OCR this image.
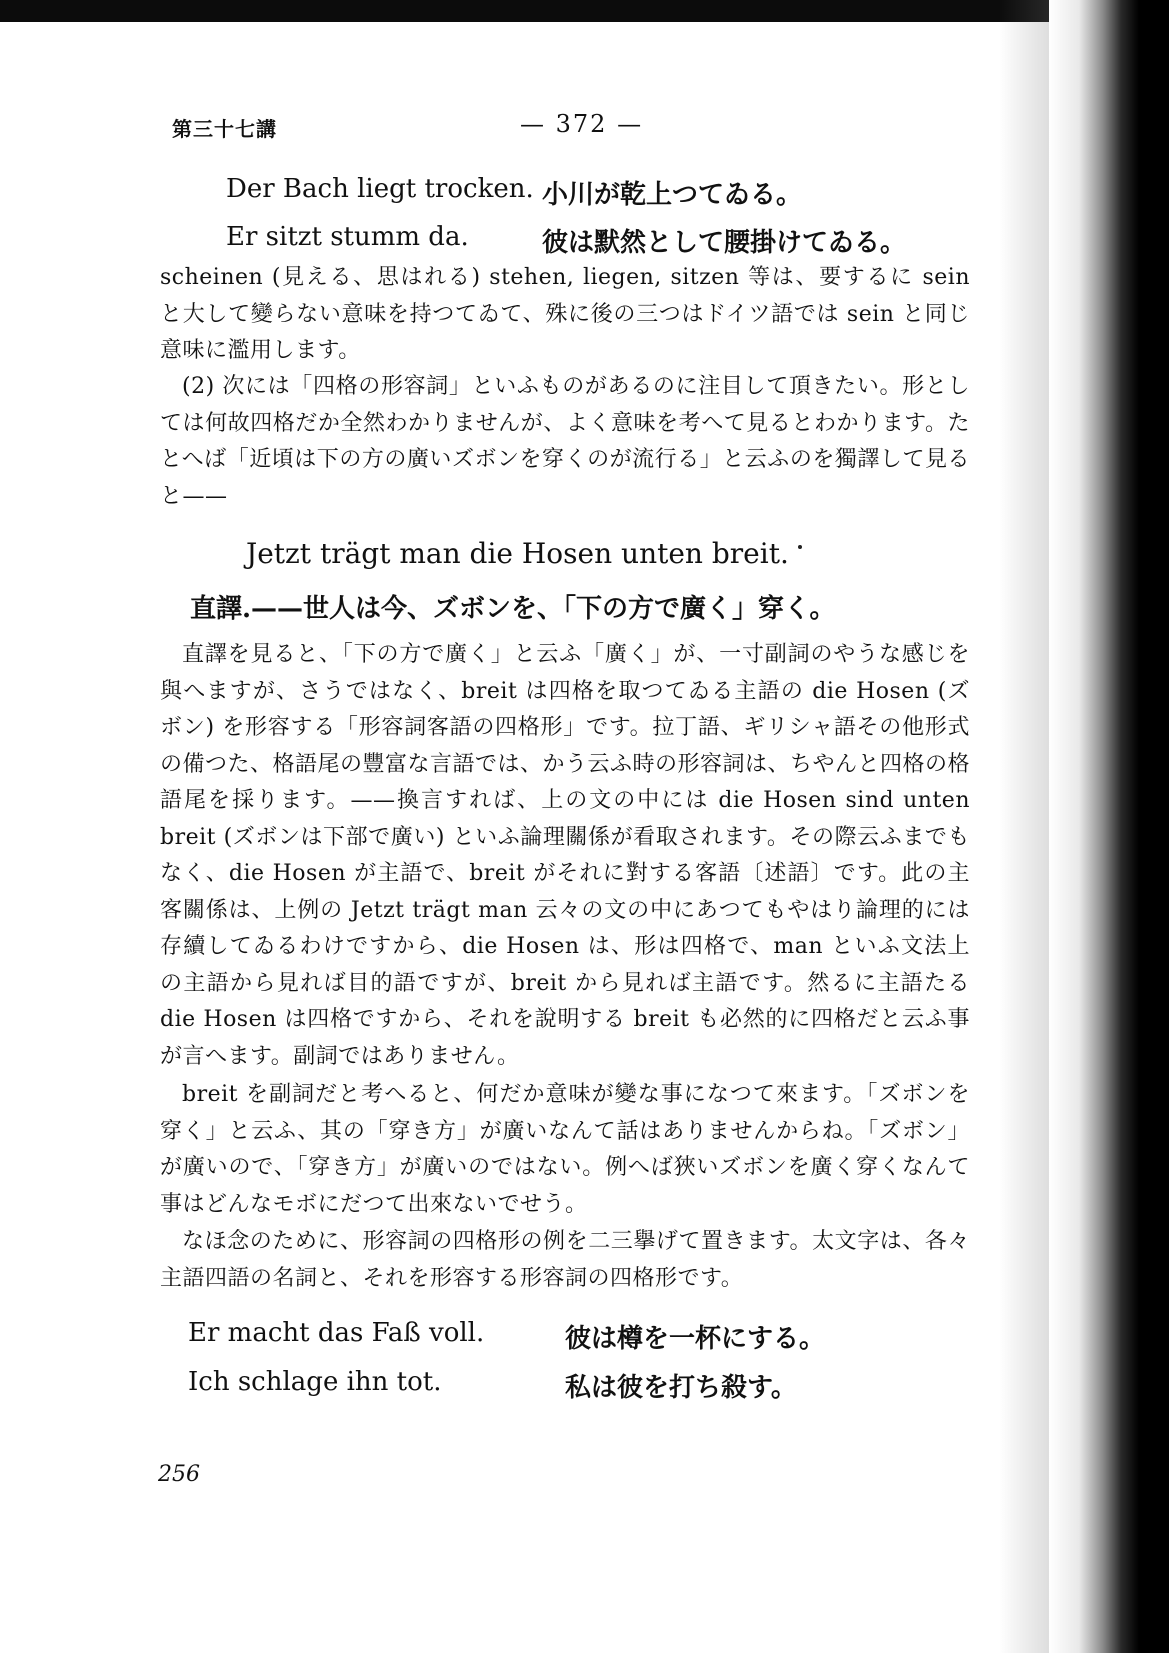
第三十七講	— 372 —
Der Bach liegt trocken. 小川が乾上つてゐる。
Er sitzt stumm da.	彼は默然として腰掛けてゐる。

scheinen (見える、思はれる) stehen, liegen, sitzen 等は、要するに sein と大して變らない意味を持つてゐて、殊に後の三つはドイツ語では sein と同じ意味に濫用します。

(2) 次には「四格の形容詞」といふものがあるのに注目して頂きたい。形としては何故四格だか全然わかりませんが、よく意味を考へて見るとわかります。たとへば「近頃は下の方の廣いズボンを穿くのが流行る」と云ふのを獨譯して見ると——

Jetzt trägt man die Hosen unten breit.
直譯.——世人は今、ズボンを、「下の方で廣く」穿く。

直譯を見ると、「下の方で廣く」と云ふ「廣く」が、一寸副詞のやうな感じを與へますが、さうではなく、breit は四格を取つてゐる主語の die Hosen (ズボン) を形容する「形容詞客語の四格形」です。拉丁語、ギリシャ語その他形式の備つた、格語尾の豐富な言語では、かう云ふ時の形容詞は、ちやんと四格の格語尾を採ります。——換言すれば、上の文の中には die Hosen sind unten breit (ズボンは下部で廣い) といふ論理關係が看取されます。その際云ふまでもなく、die Hosen が主語で、breit がそれに對する客語〔述語〕です。此の主客關係は、上例の Jetzt trägt man 云々の文の中にあつてもやはり論理的には存續してゐるわけですから、die Hosen は、形は四格で、man といふ文法上の主語から見れば目的語ですが、breit から見れば主語です。然るに主語たる die Hosen は四格ですから、それを說明する breit も必然的に四格だと云ふ事が言へます。副詞ではありません。

breit を副詞だと考へると、何だか意味が變な事になつて來ます。「ズボンを穿く」と云ふ、其の「穿き方」が廣いなんて話はありませんからね。「ズボン」が廣いので、「穿き方」が廣いのではない。例へば狹いズボンを廣く穿くなんて事はどんなモボにだつて出來ないでせう。

なほ念のために、形容詞の四格形の例を二三擧げて置きます。太文字は、各々主語四語の名詞と、それを形容する形容詞の四格形です。

Er macht das Faß voll.	彼は樽を一杯にする。
Ich schlage ihn tot.	私は彼を打ち殺す。
256
